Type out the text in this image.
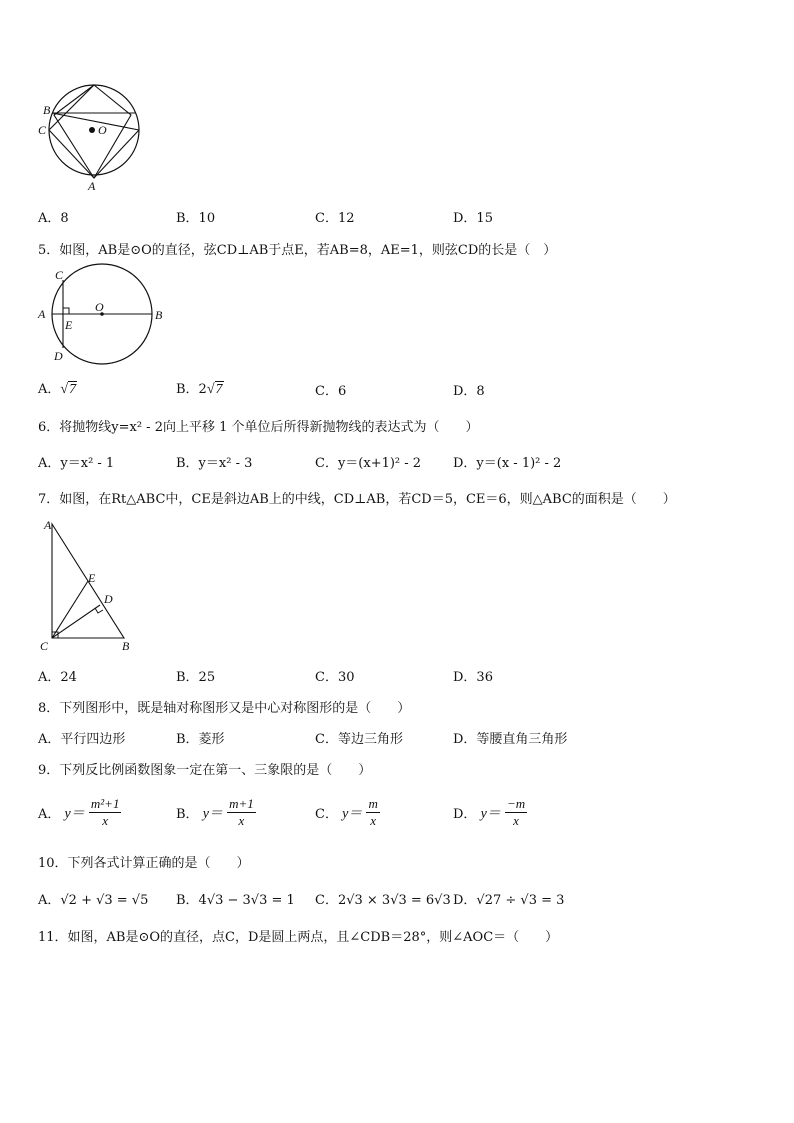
B
C	O
A
A．8	B．10	C．12	D．15
5．如图，AB是⊙O的直径，弦CD⊥AB于点E，若AB=8，AE=1，则弦CD的长是（　）
C
O
A
E
B
D
A．√7	B．2√7	C．6	D．8
6．将抛物线y=x² - 2向上平移 1 个单位后所得新抛物线的表达式为（　　）
A．y＝x² - 1	B．y＝x² - 3	C．y＝(x+1)² - 2 D．y＝(x - 1)² - 2
7．如图，在Rt△ABC中，CE是斜边AB上的中线，CD⊥AB，若CD＝5，CE＝6，则△ABC的面积是（　　）
A
E
D
C	B
A．24	B．25	C．30	D．36
8．下列图形中，既是轴对称图形又是中心对称图形的是（　　）
A．平行四边形	B．菱形	C．等边三角形	D．等腰直角三角形
9．下列反比例函数图象一定在第一、三象限的是（　　）
A． $y= \frac{\text{m²+1}}{x}$	B． $y= \frac{m+1}{x}$	C． $y= \frac{m}{x}$	D． $y= \frac{-m}{x}$
10．下列各式计算正确的是（　　）
A．√2 + √3 = √5 B．4√3 − 3√3 = 1 C．2√3 × 3√3 = 6√3 D．√27 ÷ √3 = 3
11．如图，AB是⊙O的直径，点C，D是圆上两点，且∠CDB＝28°，则∠AOC＝（　　）
